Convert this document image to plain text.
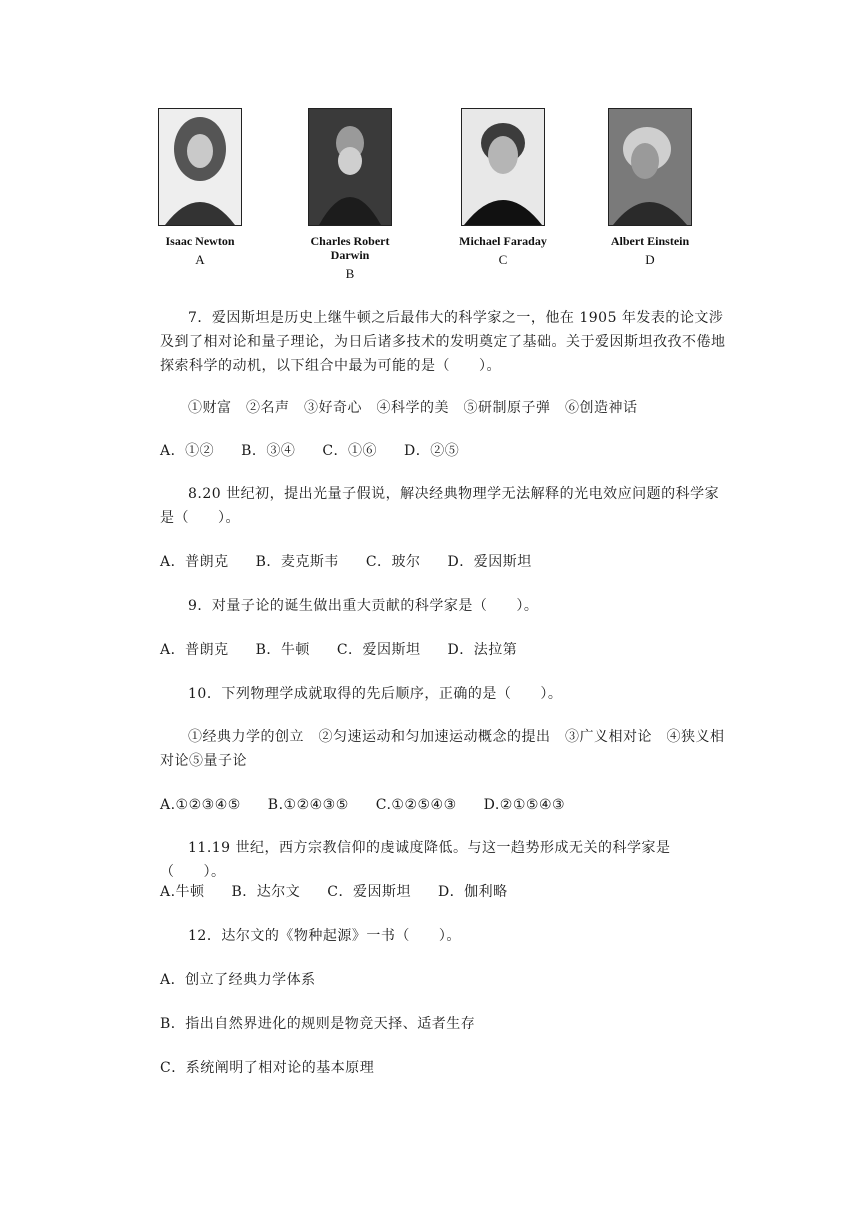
Isaac Newton
A
Charles Robert
Darwin
B
Michael Faraday
C
Albert Einstein
D
7．爱因斯坦是历史上继牛顿之后最伟大的科学家之一，他在 1905 年发表的论文涉及到了相对论和量子理论，为日后诸多技术的发明奠定了基础。关于爱因斯坦孜孜不倦地探索科学的动机，以下组合中最为可能的是（　　）。
①财富　②名声　③好奇心　④科学的美　⑤研制原子弹　⑥创造神话
A．①② B．③④ C．①⑥ D．②⑤
8.20 世纪初，提出光量子假说，解决经典物理学无法解释的光电效应问题的科学家是（　　）。
A．普朗克 B．麦克斯韦 C．玻尔 D．爱因斯坦
9．对量子论的诞生做出重大贡献的科学家是（　　）。
A．普朗克 B．牛顿 C．爱因斯坦 D．法拉第
10．下列物理学成就取得的先后顺序，正确的是（　　）。
①经典力学的创立　②匀速运动和匀加速运动概念的提出　③广义相对论　④狭义相对论⑤量子论
A.①②③④⑤ B.①②④③⑤ C.①②⑤④③ D.②①⑤④③
11.19 世纪，西方宗教信仰的虔诚度降低。与这一趋势形成无关的科学家是（　　）。
A.牛顿 B．达尔文 C．爱因斯坦 D．伽利略
12．达尔文的《物种起源》一书（　　）。
A．创立了经典力学体系
B．指出自然界进化的规则是物竞天择、适者生存
C．系统阐明了相对论的基本原理
